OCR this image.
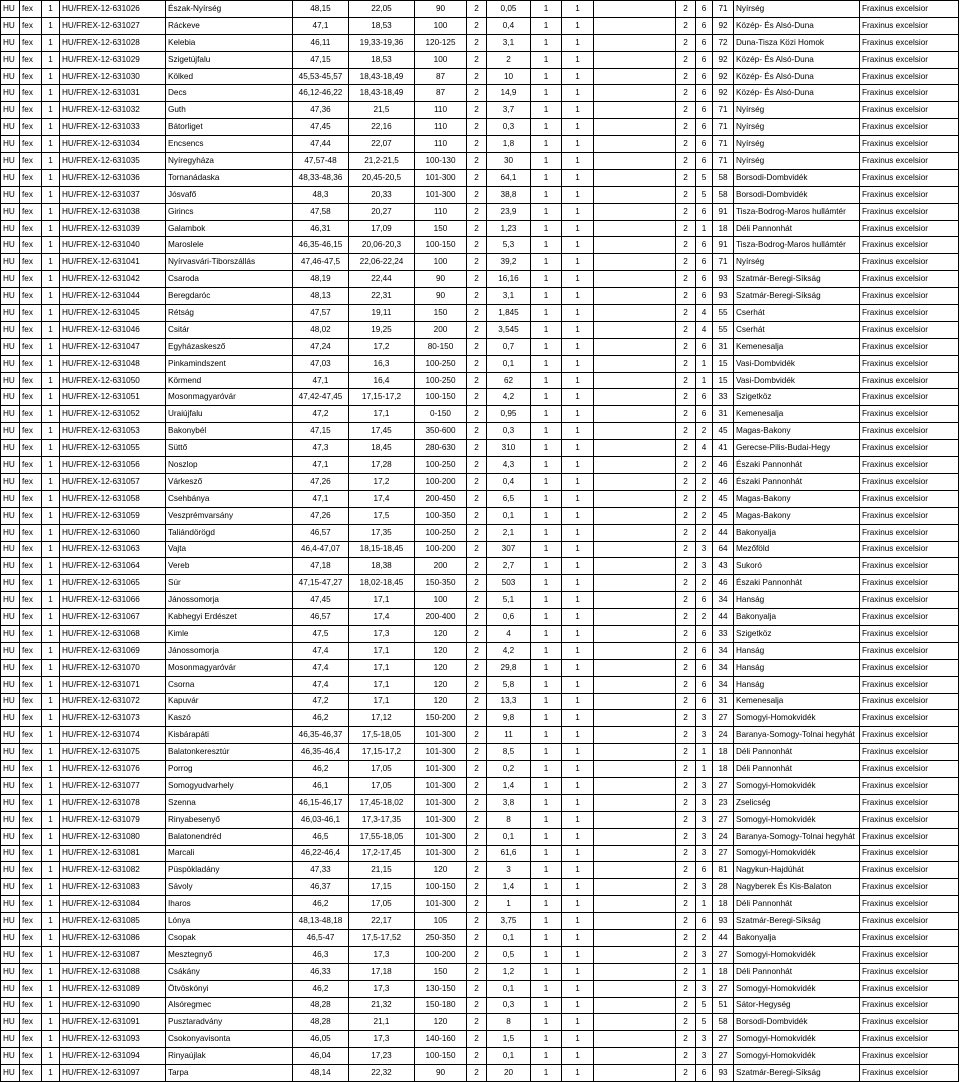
HU	fex	1	HU/FREX-12-631026	Észak-Nyírség	48,15	22,05	90	2	0,05	1	1		2	6	71	Nyírség	Fraxinus excelsior
HU	fex	1	HU/FREX-12-631027	Ráckeve	47,1	18,53	100	2	0,4	1	1		2	6	92	Közép- És Alsó-Duna	Fraxinus excelsior
HU	fex	1	HU/FREX-12-631028	Kelebia	46,11	19,33-19,36	120-125	2	3,1	1	1		2	6	72	Duna-Tisza Közi Homok	Fraxinus excelsior
HU	fex	1	HU/FREX-12-631029	Szigetújfalu	47,15	18,53	100	2	2	1	1		2	6	92	Közép- És Alsó-Duna	Fraxinus excelsior
HU	fex	1	HU/FREX-12-631030	Kölked	45,53-45,57	18,43-18,49	87	2	10	1	1		2	6	92	Közép- És Alsó-Duna	Fraxinus excelsior
HU	fex	1	HU/FREX-12-631031	Decs	46,12-46,22	18,43-18,49	87	2	14,9	1	1		2	6	92	Közép- És Alsó-Duna	Fraxinus excelsior
HU	fex	1	HU/FREX-12-631032	Guth	47,36	21,5	110	2	3,7	1	1		2	6	71	Nyírség	Fraxinus excelsior
HU	fex	1	HU/FREX-12-631033	Bátorliget	47,45	22,16	110	2	0,3	1	1		2	6	71	Nyírség	Fraxinus excelsior
HU	fex	1	HU/FREX-12-631034	Encsencs	47,44	22,07	110	2	1,8	1	1		2	6	71	Nyírség	Fraxinus excelsior
HU	fex	1	HU/FREX-12-631035	Nyíregyháza	47,57-48	21,2-21,5	100-130	2	30	1	1		2	6	71	Nyírség	Fraxinus excelsior
HU	fex	1	HU/FREX-12-631036	Tornanádaska	48,33-48,36	20,45-20,5	101-300	2	64,1	1	1		2	5	58	Borsodi-Dombvidék	Fraxinus excelsior
HU	fex	1	HU/FREX-12-631037	Jósvafő	48,3	20,33	101-300	2	38,8	1	1		2	5	58	Borsodi-Dombvidék	Fraxinus excelsior
HU	fex	1	HU/FREX-12-631038	Girincs	47,58	20,27	110	2	23,9	1	1		2	6	91	Tisza-Bodrog-Maros hullámtér	Fraxinus excelsior
HU	fex	1	HU/FREX-12-631039	Galambok	46,31	17,09	150	2	1,23	1	1		2	1	18	Déli Pannonhát	Fraxinus excelsior
HU	fex	1	HU/FREX-12-631040	Maroslele	46,35-46,15	20,06-20,3	100-150	2	5,3	1	1		2	6	91	Tisza-Bodrog-Maros hullámtér	Fraxinus excelsior
HU	fex	1	HU/FREX-12-631041	Nyírvasvári-Tiborszállás	47,46-47,5	22,06-22,24	100	2	39,2	1	1		2	6	71	Nyírség	Fraxinus excelsior
HU	fex	1	HU/FREX-12-631042	Csaroda	48,19	22,44	90	2	16,16	1	1		2	6	93	Szatmár-Beregi-Síkság	Fraxinus excelsior
HU	fex	1	HU/FREX-12-631044	Beregdaróc	48,13	22,31	90	2	3,1	1	1		2	6	93	Szatmár-Beregi-Síkság	Fraxinus excelsior
HU	fex	1	HU/FREX-12-631045	Rétság	47,57	19,11	150	2	1,845	1	1		2	4	55	Cserhát	Fraxinus excelsior
HU	fex	1	HU/FREX-12-631046	Csitár	48,02	19,25	200	2	3,545	1	1		2	4	55	Cserhát	Fraxinus excelsior
HU	fex	1	HU/FREX-12-631047	Egyházaskesző	47,24	17,2	80-150	2	0,7	1	1		2	6	31	Kemenesalja	Fraxinus excelsior
HU	fex	1	HU/FREX-12-631048	Pinkamindszent	47,03	16,3	100-250	2	0,1	1	1		2	1	15	Vasi-Dombvidék	Fraxinus excelsior
HU	fex	1	HU/FREX-12-631050	Körmend	47,1	16,4	100-250	2	62	1	1		2	1	15	Vasi-Dombvidék	Fraxinus excelsior
HU	fex	1	HU/FREX-12-631051	Mosonmagyaróvár	47,42-47,45	17,15-17,2	100-150	2	4,2	1	1		2	6	33	Szigetköz	Fraxinus excelsior
HU	fex	1	HU/FREX-12-631052	Uraiújfalu	47,2	17,1	0-150	2	0,95	1	1		2	6	31	Kemenesalja	Fraxinus excelsior
HU	fex	1	HU/FREX-12-631053	Bakonybél	47,15	17,45	350-600	2	0,3	1	1		2	2	45	Magas-Bakony	Fraxinus excelsior
HU	fex	1	HU/FREX-12-631055	Süttő	47,3	18,45	280-630	2	310	1	1		2	4	41	Gerecse-Pilis-Budai-Hegy	Fraxinus excelsior
HU	fex	1	HU/FREX-12-631056	Noszlop	47,1	17,28	100-250	2	4,3	1	1		2	2	46	Északi Pannonhát	Fraxinus excelsior
HU	fex	1	HU/FREX-12-631057	Várkesző	47,26	17,2	100-200	2	0,4	1	1		2	2	46	Északi Pannonhát	Fraxinus excelsior
HU	fex	1	HU/FREX-12-631058	Csehbánya	47,1	17,4	200-450	2	6,5	1	1		2	2	45	Magas-Bakony	Fraxinus excelsior
HU	fex	1	HU/FREX-12-631059	Veszprémvarsány	47,26	17,5	100-350	2	0,1	1	1		2	2	45	Magas-Bakony	Fraxinus excelsior
HU	fex	1	HU/FREX-12-631060	Taliándörögd	46,57	17,35	100-250	2	2,1	1	1		2	2	44	Bakonyalja	Fraxinus excelsior
HU	fex	1	HU/FREX-12-631063	Vajta	46,4-47,07	18,15-18,45	100-200	2	307	1	1		2	3	64	Mezőföld	Fraxinus excelsior
HU	fex	1	HU/FREX-12-631064	Vereb	47,18	18,38	200	2	2,7	1	1		2	3	43	Sukoró	Fraxinus excelsior
HU	fex	1	HU/FREX-12-631065	Súr	47,15-47,27	18,02-18,45	150-350	2	503	1	1		2	2	46	Északi Pannonhát	Fraxinus excelsior
HU	fex	1	HU/FREX-12-631066	Jánossomorja	47,45	17,1	100	2	5,1	1	1		2	6	34	Hanság	Fraxinus excelsior
HU	fex	1	HU/FREX-12-631067	Kabhegyi Erdészet	46,57	17,4	200-400	2	0,6	1	1		2	2	44	Bakonyalja	Fraxinus excelsior
HU	fex	1	HU/FREX-12-631068	Kimle	47,5	17,3	120	2	4	1	1		2	6	33	Szigetköz	Fraxinus excelsior
HU	fex	1	HU/FREX-12-631069	Jánossomorja	47,4	17,1	120	2	4,2	1	1		2	6	34	Hanság	Fraxinus excelsior
HU	fex	1	HU/FREX-12-631070	Mosonmagyaróvár	47,4	17,1	120	2	29,8	1	1		2	6	34	Hanság	Fraxinus excelsior
HU	fex	1	HU/FREX-12-631071	Csorna	47,4	17,1	120	2	5,8	1	1		2	6	34	Hanság	Fraxinus excelsior
HU	fex	1	HU/FREX-12-631072	Kapuvár	47,2	17,1	120	2	13,3	1	1		2	6	31	Kemenesalja	Fraxinus excelsior
HU	fex	1	HU/FREX-12-631073	Kaszó	46,2	17,12	150-200	2	9,8	1	1		2	3	27	Somogyi-Homokvidék	Fraxinus excelsior
HU	fex	1	HU/FREX-12-631074	Kisbárapáti	46,35-46,37	17,5-18,05	101-300	2	11	1	1		2	3	24	Baranya-Somogy-Tolnai hegyhát	Fraxinus excelsior
HU	fex	1	HU/FREX-12-631075	Balatonkeresztúr	46,35-46,4	17,15-17,2	101-300	2	8,5	1	1		2	1	18	Déli Pannonhát	Fraxinus excelsior
HU	fex	1	HU/FREX-12-631076	Porrog	46,2	17,05	101-300	2	0,2	1	1		2	1	18	Déli Pannonhát	Fraxinus excelsior
HU	fex	1	HU/FREX-12-631077	Somogyudvarhely	46,1	17,05	101-300	2	1,4	1	1		2	3	27	Somogyi-Homokvidék	Fraxinus excelsior
HU	fex	1	HU/FREX-12-631078	Szenna	46,15-46,17	17,45-18,02	101-300	2	3,8	1	1		2	3	23	Zselicség	Fraxinus excelsior
HU	fex	1	HU/FREX-12-631079	Rinyabesenyő	46,03-46,1	17,3-17,35	101-300	2	8	1	1		2	3	27	Somogyi-Homokvidék	Fraxinus excelsior
HU	fex	1	HU/FREX-12-631080	Balatonendréd	46,5	17,55-18,05	101-300	2	0,1	1	1		2	3	24	Baranya-Somogy-Tolnai hegyhát	Fraxinus excelsior
HU	fex	1	HU/FREX-12-631081	Marcali	46,22-46,4	17,2-17,45	101-300	2	61,6	1	1		2	3	27	Somogyi-Homokvidék	Fraxinus excelsior
HU	fex	1	HU/FREX-12-631082	Püspökladány	47,33	21,15	120	2	3	1	1		2	6	81	Nagykun-Hajdúhát	Fraxinus excelsior
HU	fex	1	HU/FREX-12-631083	Sávoly	46,37	17,15	100-150	2	1,4	1	1		2	3	28	Nagyberek És Kis-Balaton	Fraxinus excelsior
HU	fex	1	HU/FREX-12-631084	Iharos	46,2	17,05	101-300	2	1	1	1		2	1	18	Déli Pannonhát	Fraxinus excelsior
HU	fex	1	HU/FREX-12-631085	Lónya	48,13-48,18	22,17	105	2	3,75	1	1		2	6	93	Szatmár-Beregi-Síkság	Fraxinus excelsior
HU	fex	1	HU/FREX-12-631086	Csopak	46,5-47	17,5-17,52	250-350	2	0,1	1	1		2	2	44	Bakonyalja	Fraxinus excelsior
HU	fex	1	HU/FREX-12-631087	Mesztegnyő	46,3	17,3	100-200	2	0,5	1	1		2	3	27	Somogyi-Homokvidék	Fraxinus excelsior
HU	fex	1	HU/FREX-12-631088	Csákány	46,33	17,18	150	2	1,2	1	1		2	1	18	Déli Pannonhát	Fraxinus excelsior
HU	fex	1	HU/FREX-12-631089	Ötvöskónyi	46,2	17,3	130-150	2	0,1	1	1		2	3	27	Somogyi-Homokvidék	Fraxinus excelsior
HU	fex	1	HU/FREX-12-631090	Alsóregmec	48,28	21,32	150-180	2	0,3	1	1		2	5	51	Sátor-Hegység	Fraxinus excelsior
HU	fex	1	HU/FREX-12-631091	Pusztaradvány	48,28	21,1	120	2	8	1	1		2	5	58	Borsodi-Dombvidék	Fraxinus excelsior
HU	fex	1	HU/FREX-12-631093	Csokonyavisonta	46,05	17,3	140-160	2	1,5	1	1		2	3	27	Somogyi-Homokvidék	Fraxinus excelsior
HU	fex	1	HU/FREX-12-631094	Rinyaújlak	46,04	17,23	100-150	2	0,1	1	1		2	3	27	Somogyi-Homokvidék	Fraxinus excelsior
HU	fex	1	HU/FREX-12-631097	Tarpa	48,14	22,32	90	2	20	1	1		2	6	93	Szatmár-Beregi-Síkság	Fraxinus excelsior
